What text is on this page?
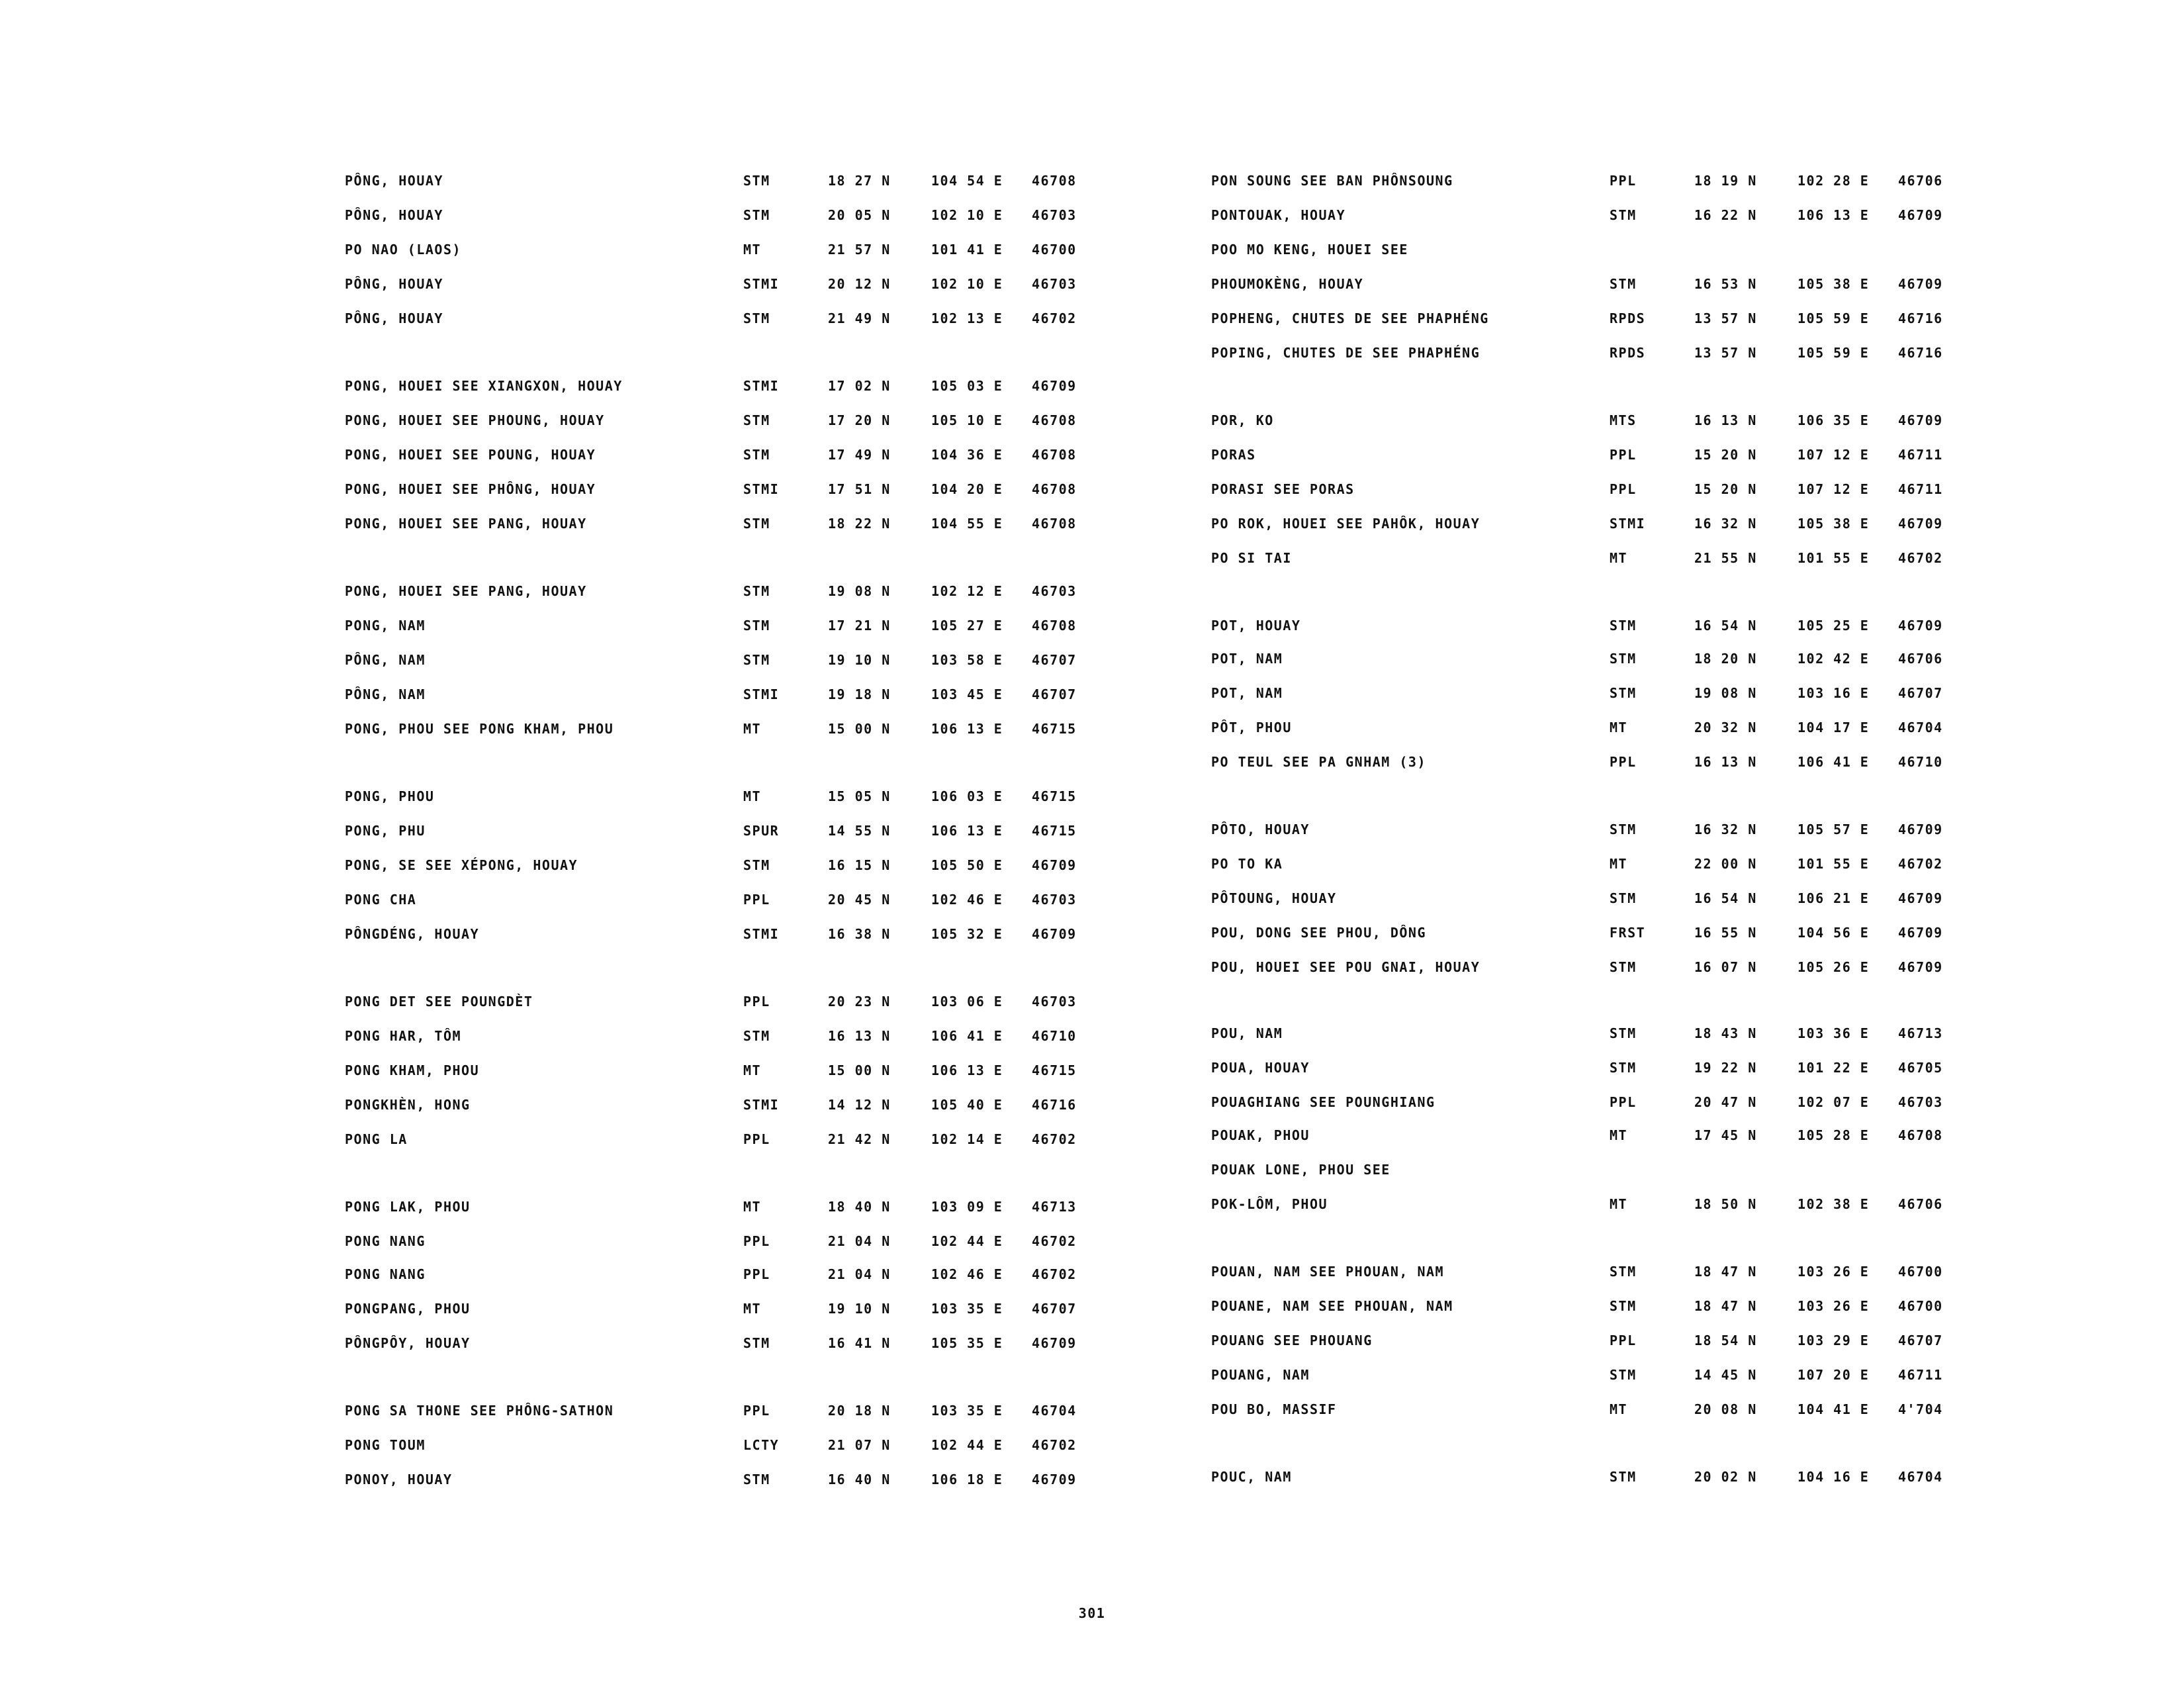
PÔNG, HOUAY	STM	18 27 N	104 54 E 46708
PÔNG, HOUAY	STM	20 05 N	102 10 E 46703
PO NAO (LAOS)	MT	21 57 N	101 41 E 46700
PÔNG, HOUAY	STMI	20 12 N	102 10 E 46703
PÔNG, HOUAY	STM	21 49 N	102 13 E 46702
PONG, HOUEI SEE XIANGXON, HOUAY	STMI	17 02 N	105 03 E 46709
PONG, HOUEI SEE PHOUNG, HOUAY	STM	17 20 N	105 10 E 46708
PONG, HOUEI SEE POUNG, HOUAY	STM	17 49 N	104 36 E 46708
PONG, HOUEI SEE PHÔNG, HOUAY	STMI	17 51 N	104 20 E 46708
PONG, HOUEI SEE PANG, HOUAY	STM	18 22 N	104 55 E 46708
PONG, HOUEI SEE PANG, HOUAY	STM	19 08 N	102 12 E 46703
PONG, NAM	STM	17 21 N	105 27 E 46708
PÔNG, NAM	STM	19 10 N	103 58 E 46707
PÔNG, NAM	STMI	19 18 N	103 45 E 46707
PONG, PHOU SEE PONG KHAM, PHOU	MT	15 00 N	106 13 E 46715
PONG, PHOU	MT	15 05 N	106 03 E 46715
PONG, PHU	SPUR	14 55 N	106 13 E 46715
PONG, SE SEE XÉPONG, HOUAY	STM	16 15 N	105 50 E 46709
PONG CHA	PPL	20 45 N	102 46 E 46703
PÔNGDÉNG, HOUAY	STMI	16 38 N	105 32 E 46709
PONG DET SEE POUNGDÈT	PPL	20 23 N	103 06 E 46703
PONG HAR, TÔM	STM	16 13 N	106 41 E 46710
PONG KHAM, PHOU	MT	15 00 N	106 13 E 46715
PONGKHÈN, HONG	STMI	14 12 N	105 40 E 46716
PONG LA	PPL	21 42 N	102 14 E 46702
PONG LAK, PHOU	MT	18 40 N	103 09 E 46713
PONG NANG	PPL	21 04 N	102 44 E 46702
PONG NANG	PPL	21 04 N	102 46 E 46702
PONGPANG, PHOU	MT	19 10 N	103 35 E 46707
PÔNGPÔY, HOUAY	STM	16 41 N	105 35 E 46709
PONG SA THONE SEE PHÔNG-SATHON	PPL	20 18 N	103 35 E 46704
PONG TOUM	LCTY	21 07 N	102 44 E 46702
PONOY, HOUAY	STM	16 40 N	106 18 E 46709
PON SOUNG SEE BAN PHÔNSOUNG	PPL	18 19 N	102 28 E 46706
PONTOUAK, HOUAY	STM	16 22 N	106 13 E 46709
POO MO KENG, HOUEI SEE
PHOUMOKÈNG, HOUAY	STM	16 53 N	105 38 E 46709
POPHENG, CHUTES DE SEE PHAPHÉNG	RPDS	13 57 N	105 59 E 46716
POPING, CHUTES DE SEE PHAPHÉNG	RPDS	13 57 N	105 59 E 46716
POR, KO	MTS	16 13 N	106 35 E 46709
PORAS	PPL	15 20 N	107 12 E 46711
PORASI SEE PORAS	PPL	15 20 N	107 12 E 46711
PO ROK, HOUEI SEE PAHÔK, HOUAY	STMI	16 32 N	105 38 E 46709
PO SI TAI	MT	21 55 N	101 55 E 46702
POT, HOUAY	STM	16 54 N	105 25 E 46709
POT, NAM	STM	18 20 N	102 42 E 46706
POT, NAM	STM	19 08 N	103 16 E 46707
PÔT, PHOU	MT	20 32 N	104 17 E 46704
PO TEUL SEE PA GNHAM (3)	PPL	16 13 N	106 41 E 46710
PÔTO, HOUAY	STM	16 32 N	105 57 E 46709
PO TO KA	MT	22 00 N	101 55 E 46702
PÔTOUNG, HOUAY	STM	16 54 N	106 21 E 46709
POU, DONG SEE PHOU, DÔNG	FRST	16 55 N	104 56 E 46709
POU, HOUEI SEE POU GNAI, HOUAY	STM	16 07 N	105 26 E 46709
POU, NAM	STM	18 43 N	103 36 E 46713
POUA, HOUAY	STM	19 22 N	101 22 E 46705
POUAGHIANG SEE POUNGHIANG	PPL	20 47 N	102 07 E 46703
POUAK, PHOU	MT	17 45 N	105 28 E 46708
POUAK LONE, PHOU SEE
POK-LÔM, PHOU	MT	18 50 N	102 38 E 46706
POUAN, NAM SEE PHOUAN, NAM	STM	18 47 N	103 26 E 46700
POUANE, NAM SEE PHOUAN, NAM	STM	18 47 N	103 26 E 46700
POUANG SEE PHOUANG	PPL	18 54 N	103 29 E 46707
POUANG, NAM	STM	14 45 N	107 20 E 46711
POU BO, MASSIF	MT	20 08 N	104 41 E 4'704
POUC, NAM	STM	20 02 N	104 16 E 46704
301
